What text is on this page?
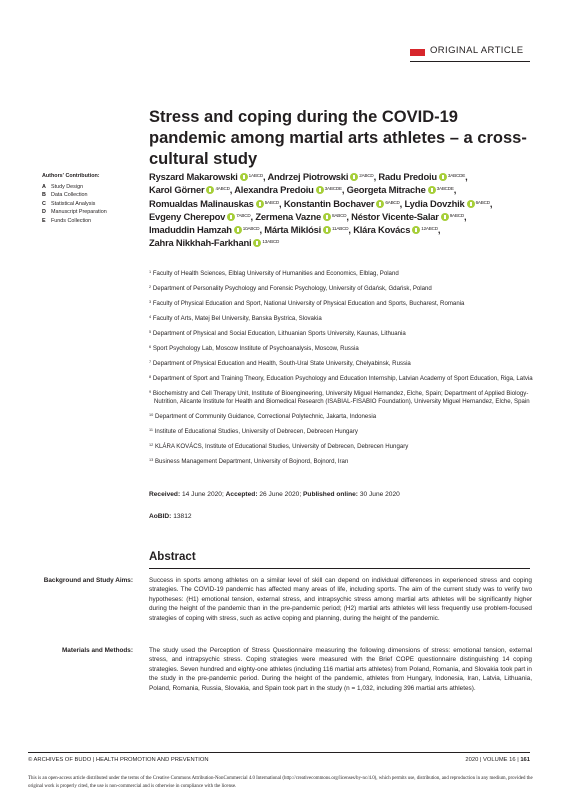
ORIGINAL ARTICLE
Stress and coping during the COVID-19 pandemic among martial arts athletes – a cross-cultural study
Authors' Contribution:
A Study Design
B Data Collection
C Statistical Analysis
D Manuscript Preparation
E Funds Collection
Ryszard Makarowski $^{1ABCD}$, Andrzej Piotrowski $^{2ABCD}$, Radu Predoiu $^{3ABCDE}$, Karol Görner $^{4ABCD}$, Alexandra Predoiu $^{3ABCDE}$, Georgeta Mitrache $^{3ABCDE}$, Romualdas Malinauskas $^{5ABCD}$, Konstantin Bochaver $^{6ABCD}$, Lydia Dovzhik $^{6ABCD}$, Evgeny Cherepov $^{7ABCD}$, Zermena Vazne $^{8ABCD}$, Néstor Vicente-Salar $^{9ABCD}$, Imaduddin Hamzah $^{10ABCD}$, Márta Miklósi $^{11ABCD}$, Klára Kovács $^{12ABCD}$, Zahra Nikkhah-Farkhani $^{13ABCD}$
$^1$ Faculty of Health Sciences, Elblag University of Humanities and Economics, Elblag, Poland
$^2$ Department of Personality Psychology and Forensic Psychology, University of Gdańsk, Gdańsk, Poland
$^3$ Faculty of Physical Education and Sport, National University of Physical Education and Sports, Bucharest, Romania
$^4$ Faculty of Arts, Matej Bel University, Banska Bystrica, Slovakia
$^5$ Department of Physical and Social Education, Lithuanian Sports University, Kaunas, Lithuania
$^6$ Sport Psychology Lab, Moscow Institute of Psychoanalysis, Moscow, Russia
$^7$ Department of Physical Education and Health, South-Ural State University, Chelyabinsk, Russia
$^8$ Department of Sport and Training Theory, Education Psychology and Education Internship, Latvian Academy of Sport Education, Riga, Latvia
$^9$ Biochemistry and Cell Therapy Unit, Institute of Bioengineering, University Miguel Hernandez, Elche, Spain; Department of Applied Biology-Nutrition, Alicante Institute for Health and Biomedical Research (ISABIAL-FISABIO Foundation), University Miguel Hernandez, Elche, Spain
$^{10}$ Department of Community Guidance, Correctional Polytechnic, Jakarta, Indonesia
$^{11}$ Institute of Educational Studies, University of Debrecen, Debrecen Hungary
$^{12}$ KLÁRA KOVÁCS, Institute of Educational Studies, University of Debrecen, Debrecen Hungary
$^{13}$ Business Management Department, University of Bojnord, Bojnord, Iran
Received: 14 June 2020; Accepted: 26 June 2020; Published online: 30 June 2020
AoBID: 13812
Abstract
Background and Study Aims:	Success in sports among athletes on a similar level of skill can depend on individual differences in experienced stress and coping strategies. The COVID-19 pandemic has affected many areas of life, including sports. The aim of the current study was to verify two hypotheses: (H1) emotional tension, external stress, and intrapsychic stress among martial arts athletes will be significantly higher during the height of the pandemic than in the pre-pandemic period; (H2) martial arts athletes will less frequently use problem-focused strategies of coping with stress, such as active coping and planning, during the height of the pandemic.
Materials and Methods:	The study used the Perception of Stress Questionnaire measuring the following dimensions of stress: emotional tension, external stress, and intrapsychic stress. Coping strategies were measured with the Brief COPE questionnaire distinguishing 14 coping strategies. Seven hundred and eighty-one athletes (including 116 martial arts athletes) from Poland, Romania, and Slovakia took part in the study in the pre-pandemic period. During the height of the pandemic, athletes from Hungary, Indonesia, Iran, Latvia, Lithuania, Poland, Romania, Russia, Slovakia, and Spain took part in the study (n = 1,032, including 396 martial arts athletes).
© ARCHIVES OF BUDO | HEALTH PROMOTION AND PREVENTION	2020 | VOLUME 16 | 161
This is an open-access article distributed under the terms of the Creative Commons Attribution-NonCommercial 4.0 International (http://creativecommons.org/licenses/by-nc/4.0), which permits use, distribution, and reproduction in any medium, provided the original work is properly cited, the use is non-commercial and is otherwise in compliance with the license.
